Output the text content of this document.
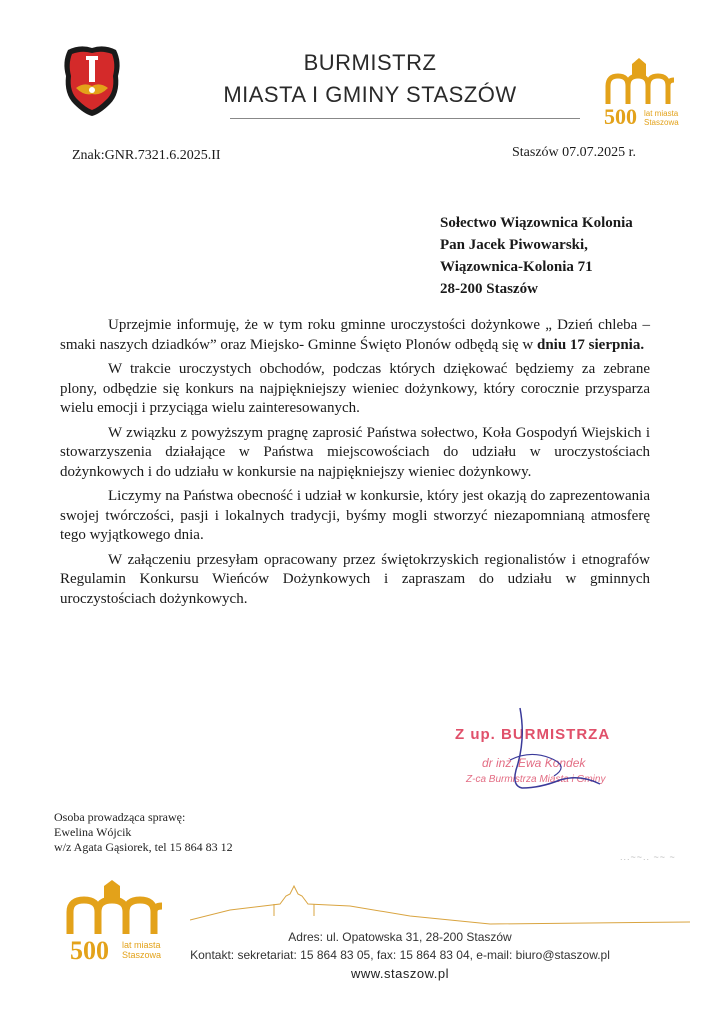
BURMISTRZ
MIASTA I GMINY STASZÓW
500 lat miasta
Staszowa
Znak:GNR.7321.6.2025.II	Staszów 07.07.2025 r.
Sołectwo Wiązownica Kolonia
Pan Jacek Piwowarski,
Wiązownica-Kolonia 71
28-200 Staszów

Uprzejmie informuję, że w tym roku gminne uroczystości dożynkowe „ Dzień chleba – smaki naszych dziadków” oraz Miejsko- Gminne Święto Plonów odbędą się w dniu 17 sierpnia.

W trakcie uroczystych obchodów, podczas których dziękować będziemy za zebrane plony, odbędzie się konkurs na najpiękniejszy wieniec dożynkowy, który corocznie przysparza wielu emocji i przyciąga wielu zainteresowanych.

W związku z powyższym pragnę zaprosić Państwa sołectwo, Koła Gospodyń Wiejskich i stowarzyszenia działające w Państwa miejscowościach do udziału w uroczystościach dożynkowych i do udziału w konkursie na najpiękniejszy wieniec dożynkowy.

Liczymy na Państwa obecność i udział w konkursie, który jest okazją do zaprezentowania swojej twórczości, pasji i lokalnych tradycji, byśmy mogli stworzyć niezapomnianą atmosferę tego wyjątkowego dnia.

W załączeniu przesyłam opracowany przez świętokrzyskich regionalistów i etnografów Regulamin Konkursu Wieńców Dożynkowych i zapraszam do udziału w gminnych uroczystościach dożynkowych.

Z up. BURMISTRZA
dr inż. Ewa Kondek
Z-ca Burmistrza Miasta i Gminy
Osoba prowadząca sprawę:
Ewelina Wójcik
w/z Agata Gąsiorek, tel 15 864 83 12
...~~.. ~~ ~
500 lat miasta
Staszowa
Adres: ul. Opatowska 31, 28-200 Staszów
Kontakt: sekretariat: 15 864 83 05, fax: 15 864 83 04, e-mail: biuro@staszow.pl
www.staszow.pl
